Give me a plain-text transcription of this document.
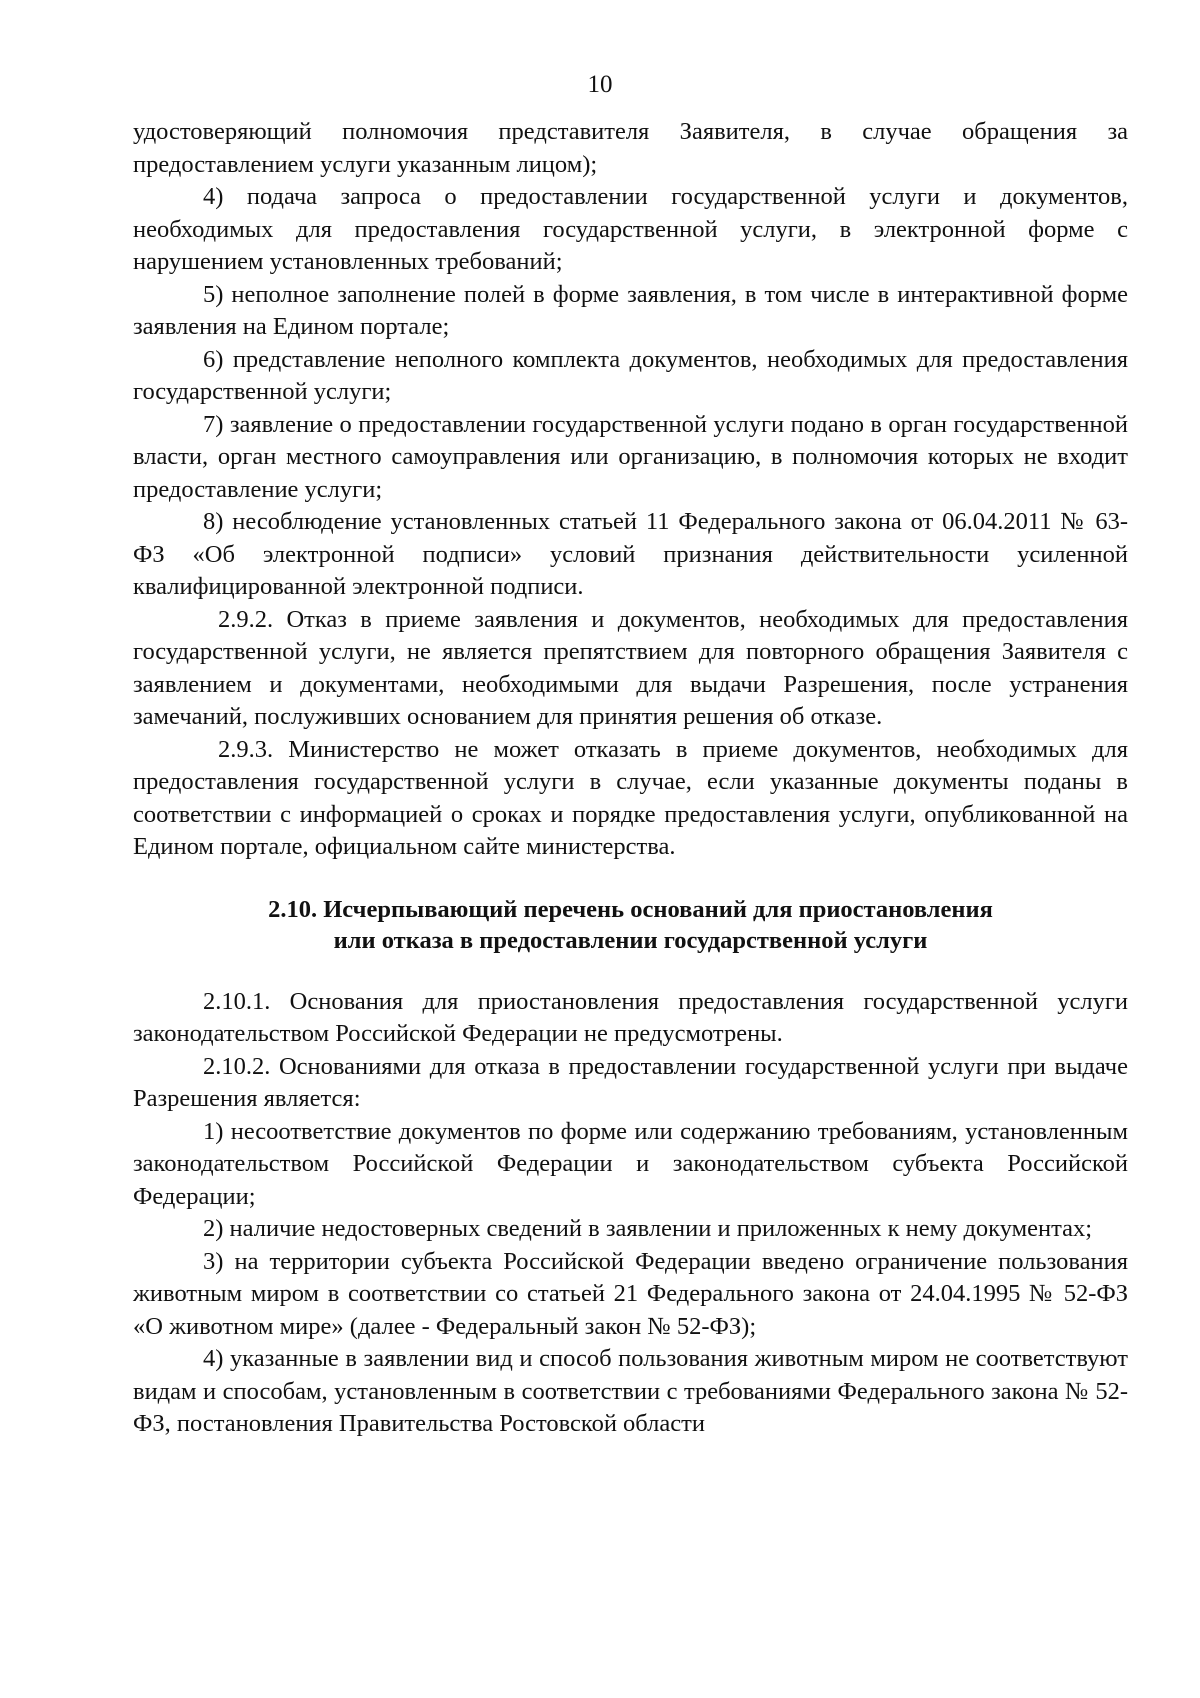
10

удостоверяющий полномочия представителя Заявителя, в случае обращения за предоставлением услуги указанным лицом);

4) подача запроса о предоставлении государственной услуги и документов, необходимых для предоставления государственной услуги, в электронной форме с нарушением установленных требований;

5) неполное заполнение полей в форме заявления, в том числе в интерактивной форме заявления на Едином портале;

6) представление неполного комплекта документов, необходимых для предоставления государственной услуги;

7) заявление о предоставлении государственной услуги подано в орган государственной власти, орган местного самоуправления или организацию, в полномочия которых не входит предоставление услуги;

8) несоблюдение установленных статьей 11 Федерального закона от 06.04.2011 № 63-ФЗ «Об электронной подписи» условий признания действительности усиленной квалифицированной электронной подписи.

2.9.2. Отказ в приеме заявления и документов, необходимых для предоставления государственной услуги, не является препятствием для повторного обращения Заявителя с заявлением и документами, необходимыми для выдачи Разрешения, после устранения замечаний, послуживших основанием для принятия решения об отказе.

2.9.3. Министерство не может отказать в приеме документов, необходимых для предоставления государственной услуги в случае, если указанные документы поданы в соответствии с информацией о сроках и порядке предоставления услуги, опубликованной на Едином портале, официальном сайте министерства.

2.10. Исчерпывающий перечень оснований для приостановления
или отказа в предоставлении государственной услуги

2.10.1. Основания для приостановления предоставления государственной услуги законодательством Российской Федерации не предусмотрены.

2.10.2. Основаниями для отказа в предоставлении государственной услуги при выдаче Разрешения является:

1) несоответствие документов по форме или содержанию требованиям, установленным законодательством Российской Федерации и законодательством субъекта Российской Федерации;

2) наличие недостоверных сведений в заявлении и приложенных к нему документах;

3) на территории субъекта Российской Федерации введено ограничение пользования животным миром в соответствии со статьей 21 Федерального закона от 24.04.1995 № 52-ФЗ «О животном мире» (далее - Федеральный закон № 52-ФЗ);

4) указанные в заявлении вид и способ пользования животным миром не соответствуют видам и способам, установленным в соответствии с требованиями Федерального закона № 52-ФЗ, постановления Правительства Ростовской области
